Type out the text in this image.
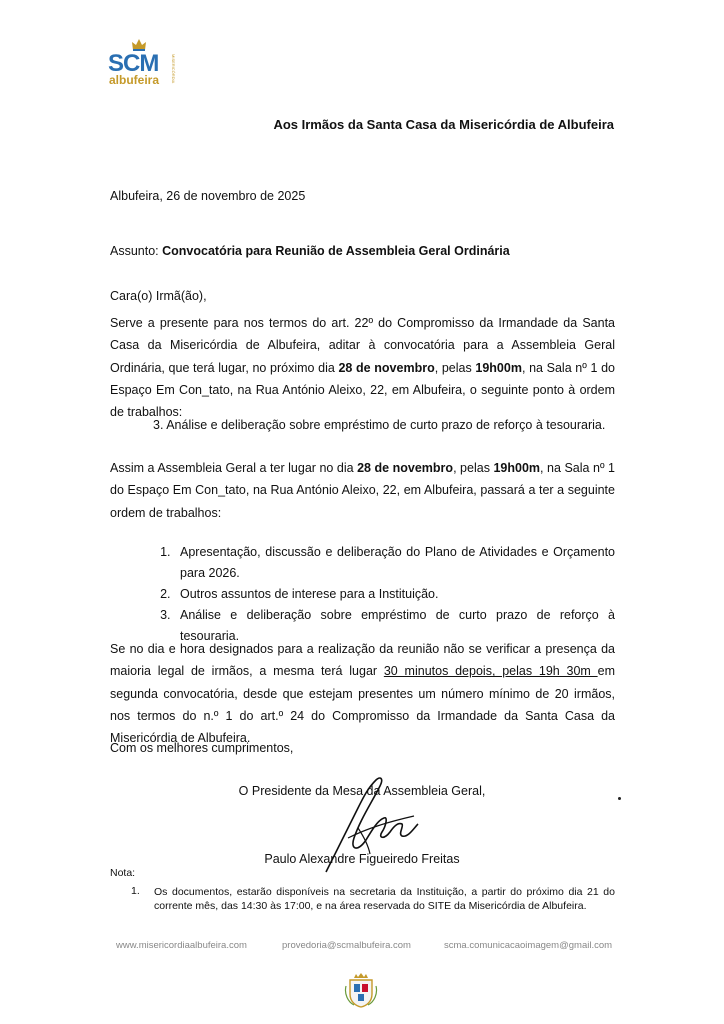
SCM	MISERICÓRDIA
albufeira
Aos Irmãos da Santa Casa da Misericórdia de Albufeira
Albufeira, 26 de novembro de 2025
Assunto: Convocatória para Reunião de Assembleia Geral Ordinária
Cara(o) Irmã(ão),
Serve a presente para nos termos do art. 22º do Compromisso da Irmandade da Santa Casa da Misericórdia de Albufeira, aditar à convocatória para a Assembleia Geral Ordinária, que terá lugar, no próximo dia 28 de novembro, pelas 19h00m, na Sala nº 1 do Espaço Em Con_tato, na Rua António Aleixo, 22, em Albufeira, o seguinte ponto à ordem de trabalhos:
3. Análise e deliberação sobre empréstimo de curto prazo de reforço à tesouraria.
Assim a Assembleia Geral a ter lugar no dia 28 de novembro, pelas 19h00m, na Sala nº 1 do Espaço Em Con_tato, na Rua António Aleixo, 22, em Albufeira, passará a ter a seguinte ordem de trabalhos:
1. Apresentação, discussão e deliberação do Plano de Atividades e Orçamento para 2026.
2. Outros assuntos de interese para a Instituição.
3. Análise e deliberação sobre empréstimo de curto prazo de reforço à tesouraria.
Se no dia e hora designados para a realização da reunião não se verificar a presença da maioria legal de irmãos, a mesma terá lugar 30 minutos depois, pelas 19h 30m em segunda convocatória, desde que estejam presentes um número mínimo de 20 irmãos, nos termos do n.º 1 do art.º 24 do Compromisso da Irmandade da Santa Casa da Misericórdia de Albufeira.
Com os melhores cumprimentos,
O Presidente da Mesa da Assembleia Geral,
Paulo Alexandre Figueiredo Freitas
Nota:
1. Os documentos, estarão disponíveis na secretaria da Instituição, a partir do próximo dia 21 do corrente mês, das 14:30 às 17:00, e na área reservada do SITE da Misericórdia de Albufeira.
www.misericordiaalbufeira.com	provedoria@scmalbufeira.com	scma.comunicacaoimagem@gmail.com
